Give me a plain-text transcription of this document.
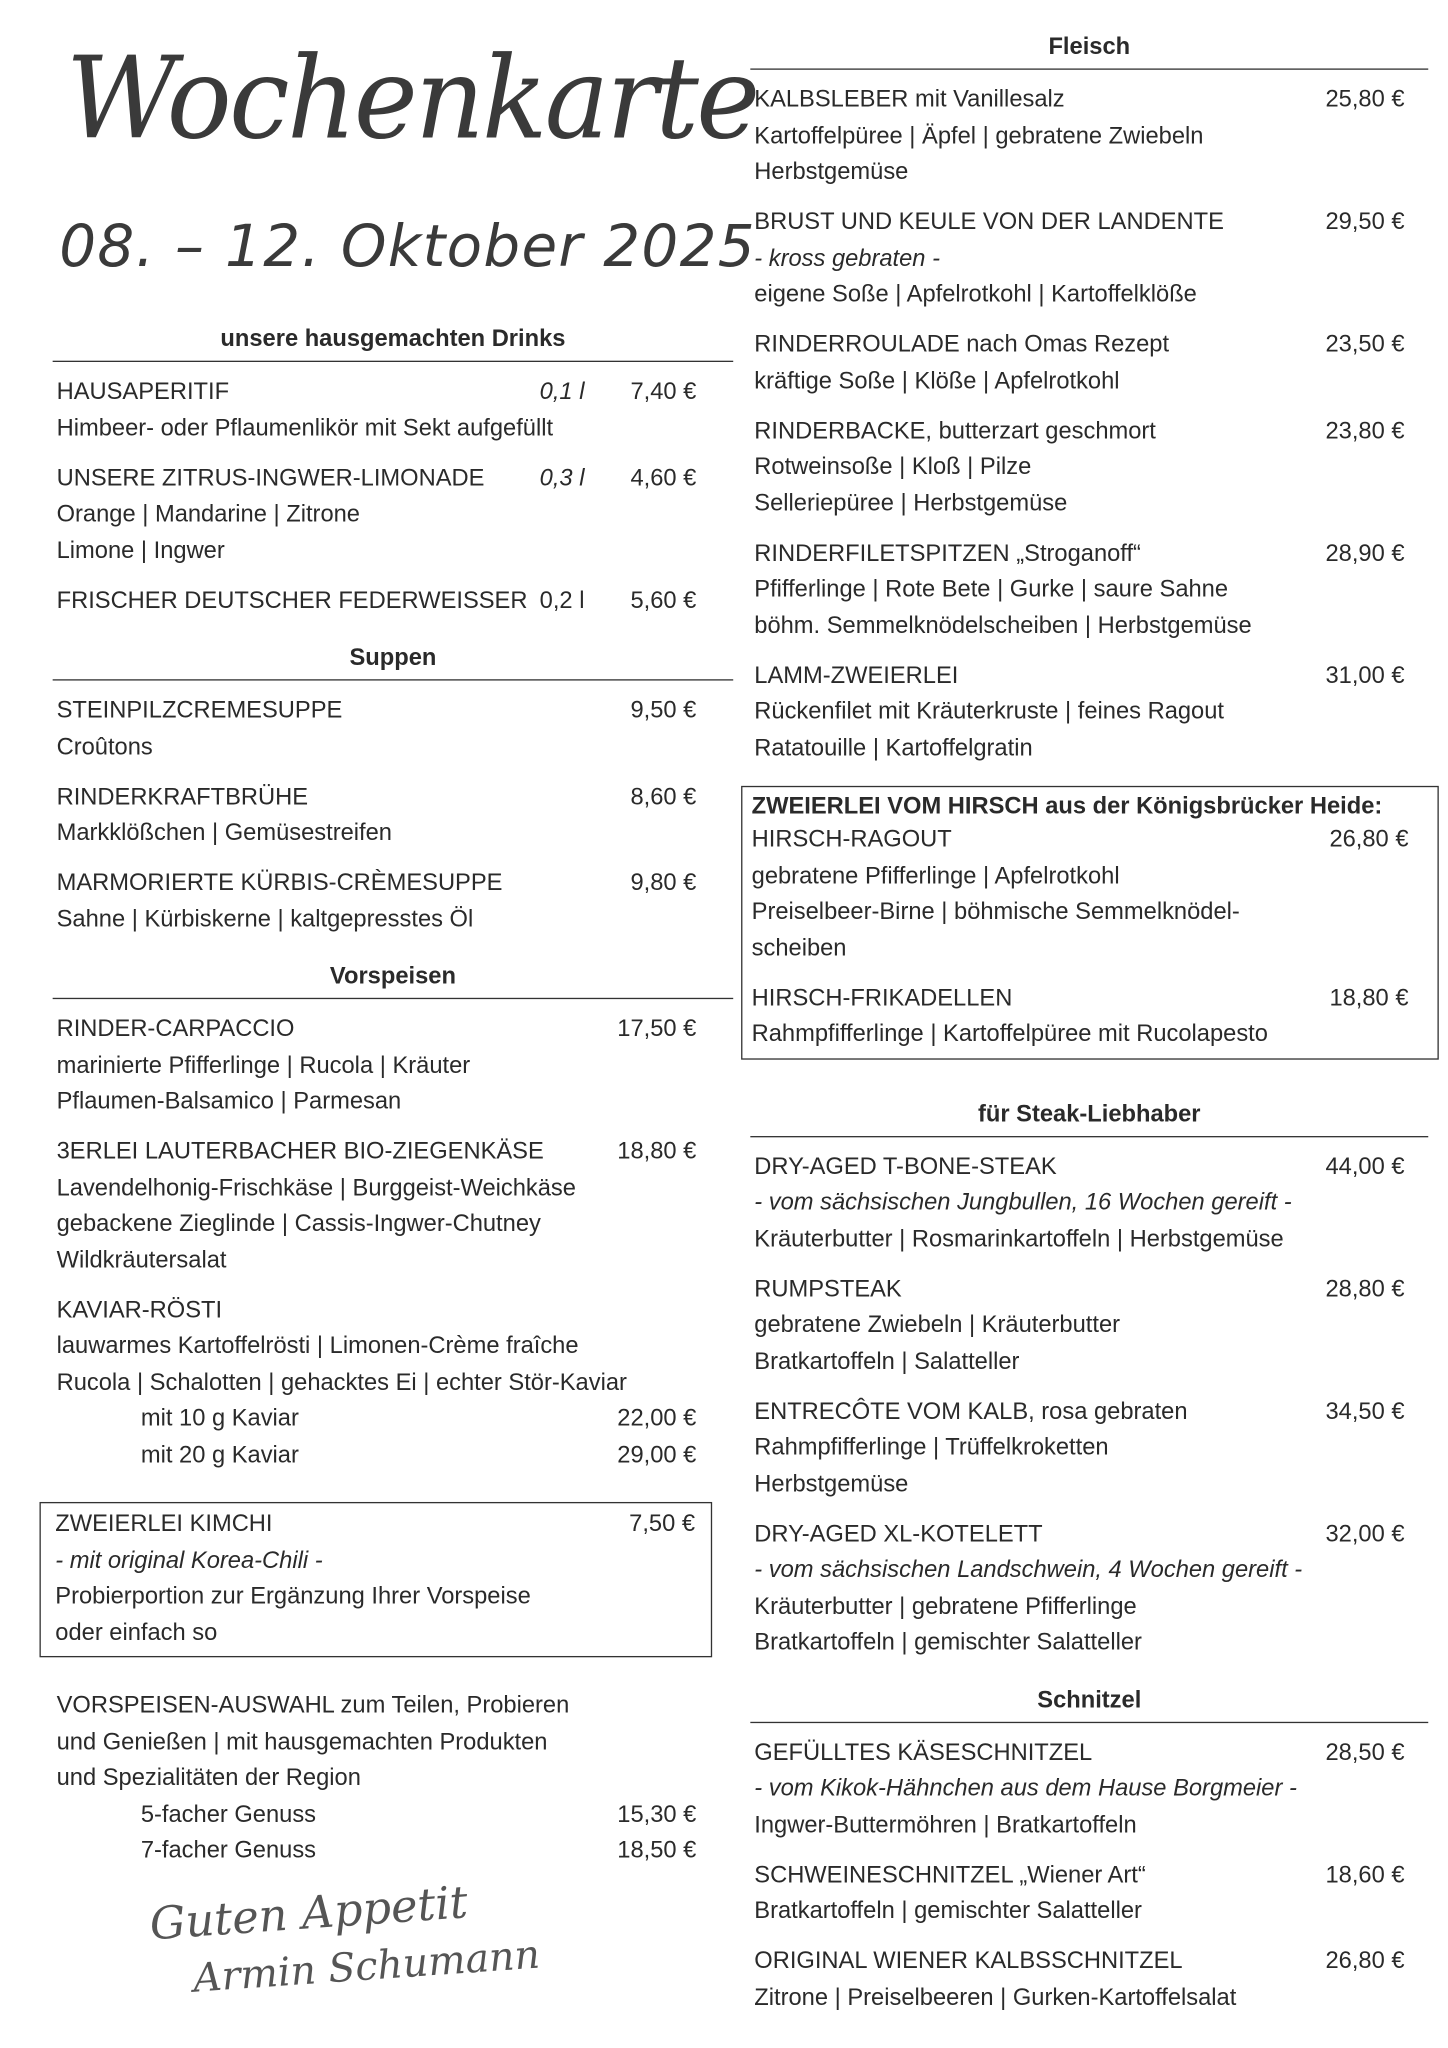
Wochenkarte
08. – 12. Oktober 2025
unsere hausgemachten Drinks
HAUSAPERITIF	0,1 l	7,40 €
Himbeer- oder Pflaumenlikör mit Sekt aufgefüllt
UNSERE ZITRUS-INGWER-LIMONADE	0,3 l	4,60 €
Orange | Mandarine | Zitrone
Limone | Ingwer
FRISCHER DEUTSCHER FEDERWEISSER 0,2 l	5,60 €
Suppen
STEINPILZCREMESUPPE	9,50 €
Croûtons
RINDERKRAFTBRÜHE	8,60 €
Markklößchen | Gemüsestreifen
MARMORIERTE KÜRBIS-CRÈMESUPPE	9,80 €
Sahne | Kürbiskerne | kaltgepresstes Öl
Vorspeisen
RINDER-CARPACCIO	17,50 €
marinierte Pfifferlinge | Rucola | Kräuter
Pflaumen-Balsamico | Parmesan
3ERLEI LAUTERBACHER BIO-ZIEGENKÄSE	18,80 €
Lavendelhonig-Frischkäse | Burggeist-Weichkäse
gebackene Zieglinde | Cassis-Ingwer-Chutney
Wildkräutersalat
KAVIAR-RÖSTI
lauwarmes Kartoffelrösti | Limonen-Crème fraîche
Rucola | Schalotten | gehacktes Ei | echter Stör-Kaviar
mit 10 g Kaviar	22,00 €
mit 20 g Kaviar	29,00 €
ZWEIERLEI KIMCHI	7,50 €
- mit original Korea-Chili -
Probierportion zur Ergänzung Ihrer Vorspeise
oder einfach so
VORSPEISEN-AUSWAHL zum Teilen, Probieren
und Genießen | mit hausgemachten Produkten
und Spezialitäten der Region
5-facher Genuss	15,30 €
7-facher Genuss	18,50 €
Fleisch
KALBSLEBER mit Vanillesalz	25,80 €
Kartoffelpüree | Äpfel | gebratene Zwiebeln
Herbstgemüse
BRUST UND KEULE VON DER LANDENTE	29,50 €
- kross gebraten -
eigene Soße | Apfelrotkohl | Kartoffelklöße
RINDERROULADE nach Omas Rezept	23,50 €
kräftige Soße | Klöße | Apfelrotkohl
RINDERBACKE, butterzart geschmort	23,80 €
Rotweinsoße | Kloß | Pilze
Selleriepüree | Herbstgemüse
RINDERFILETSPITZEN „Stroganoff“	28,90 €
Pfifferlinge | Rote Bete | Gurke | saure Sahne
böhm. Semmelknödelscheiben | Herbstgemüse
LAMM-ZWEIERLEI	31,00 €
Rückenfilet mit Kräuterkruste | feines Ragout
Ratatouille | Kartoffelgratin
ZWEIERLEI VOM HIRSCH aus der Königsbrücker Heide:
HIRSCH-RAGOUT	26,80 €
gebratene Pfifferlinge | Apfelrotkohl
Preiselbeer-Birne | böhmische Semmelknödel-
scheiben
HIRSCH-FRIKADELLEN	18,80 €
Rahmpfifferlinge | Kartoffelpüree mit Rucolapesto
für Steak-Liebhaber
DRY-AGED T-BONE-STEAK	44,00 €
- vom sächsischen Jungbullen, 16 Wochen gereift -
Kräuterbutter | Rosmarinkartoffeln | Herbstgemüse
RUMPSTEAK	28,80 €
gebratene Zwiebeln | Kräuterbutter
Bratkartoffeln | Salatteller
ENTRECÔTE VOM KALB, rosa gebraten	34,50 €
Rahmpfifferlinge | Trüffelkroketten
Herbstgemüse
DRY-AGED XL-KOTELETT	32,00 €
- vom sächsischen Landschwein, 4 Wochen gereift -
Kräuterbutter | gebratene Pfifferlinge
Bratkartoffeln | gemischter Salatteller
Schnitzel
GEFÜLLTES KÄSESCHNITZEL	28,50 €
- vom Kikok-Hähnchen aus dem Hause Borgmeier -
Ingwer-Buttermöhren | Bratkartoffeln
SCHWEINESCHNITZEL „Wiener Art“	18,60 €
Bratkartoffeln | gemischter Salatteller
ORIGINAL WIENER KALBSSCHNITZEL	26,80 €
Zitrone | Preiselbeeren | Gurken-Kartoffelsalat
Guten Appetit
Armin Schumann
